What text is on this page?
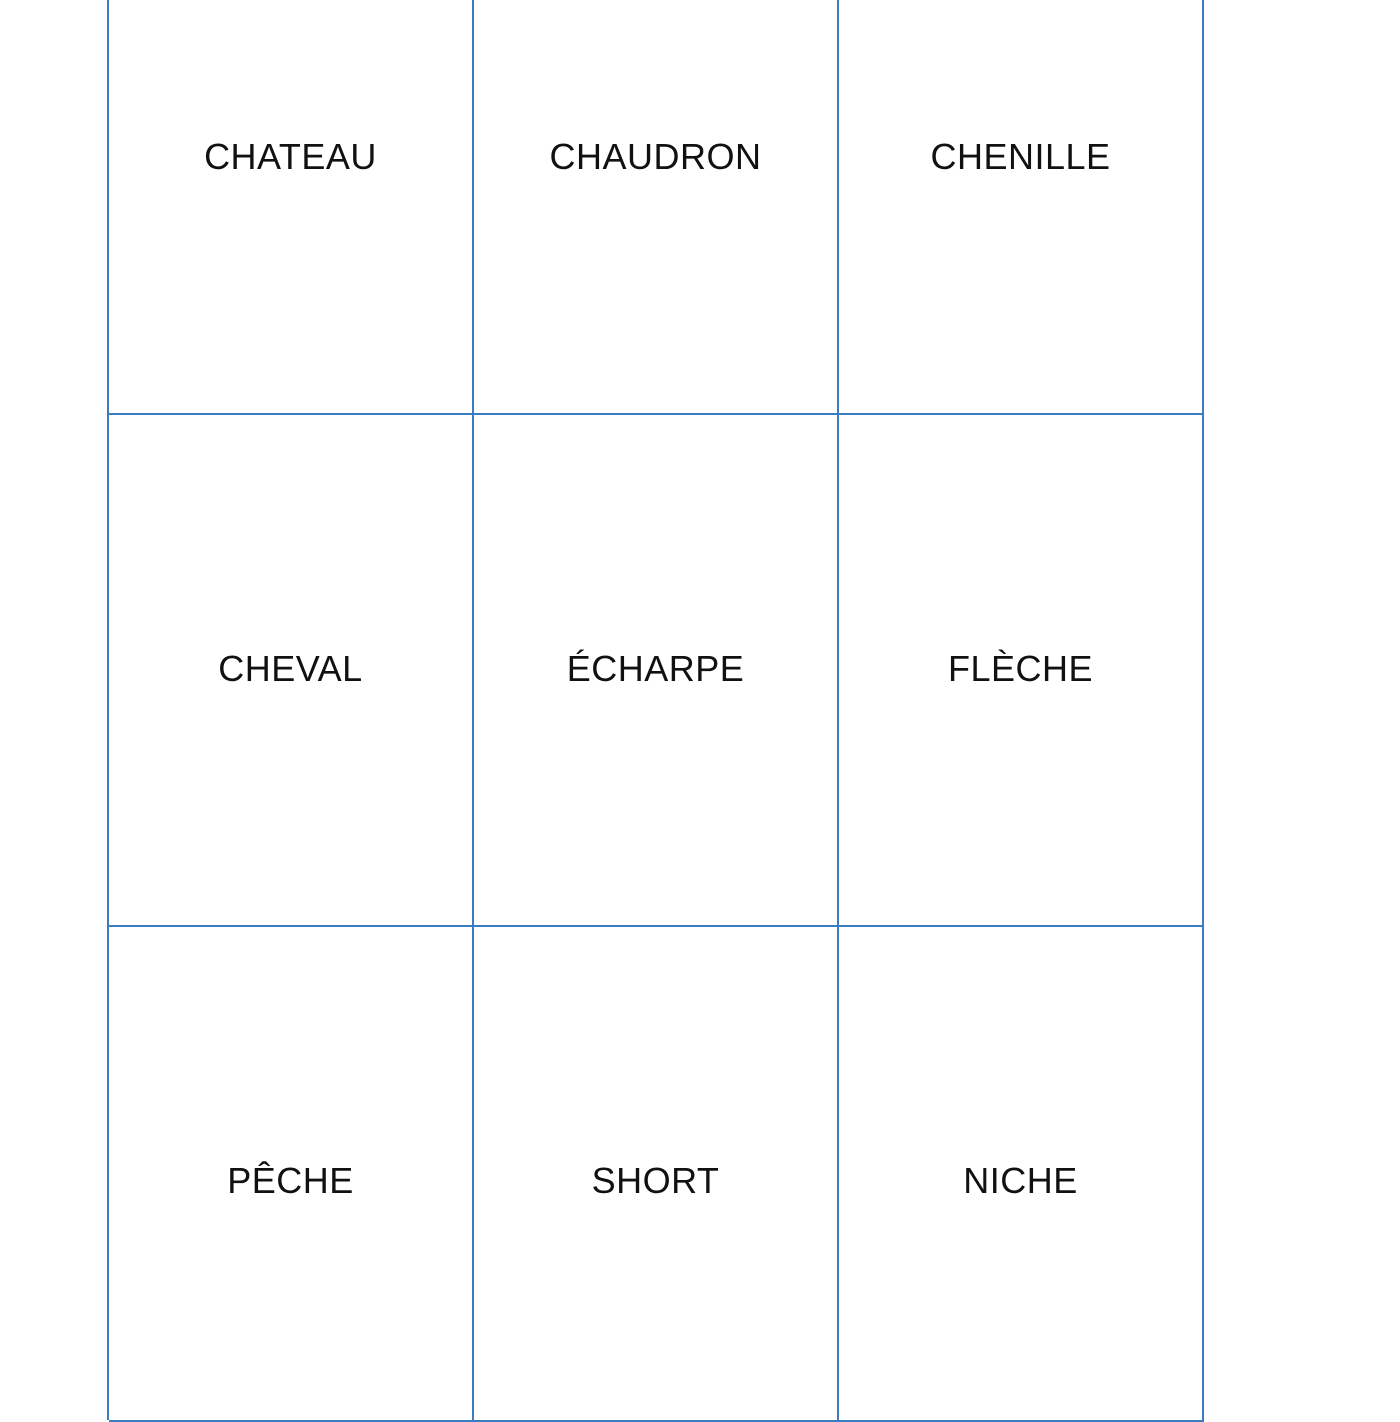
CHATEAU	CHAUDRON	CHENILLE
CHEVAL	ÉCHARPE	FLÈCHE
PÊCHE	SHORT	NICHE
